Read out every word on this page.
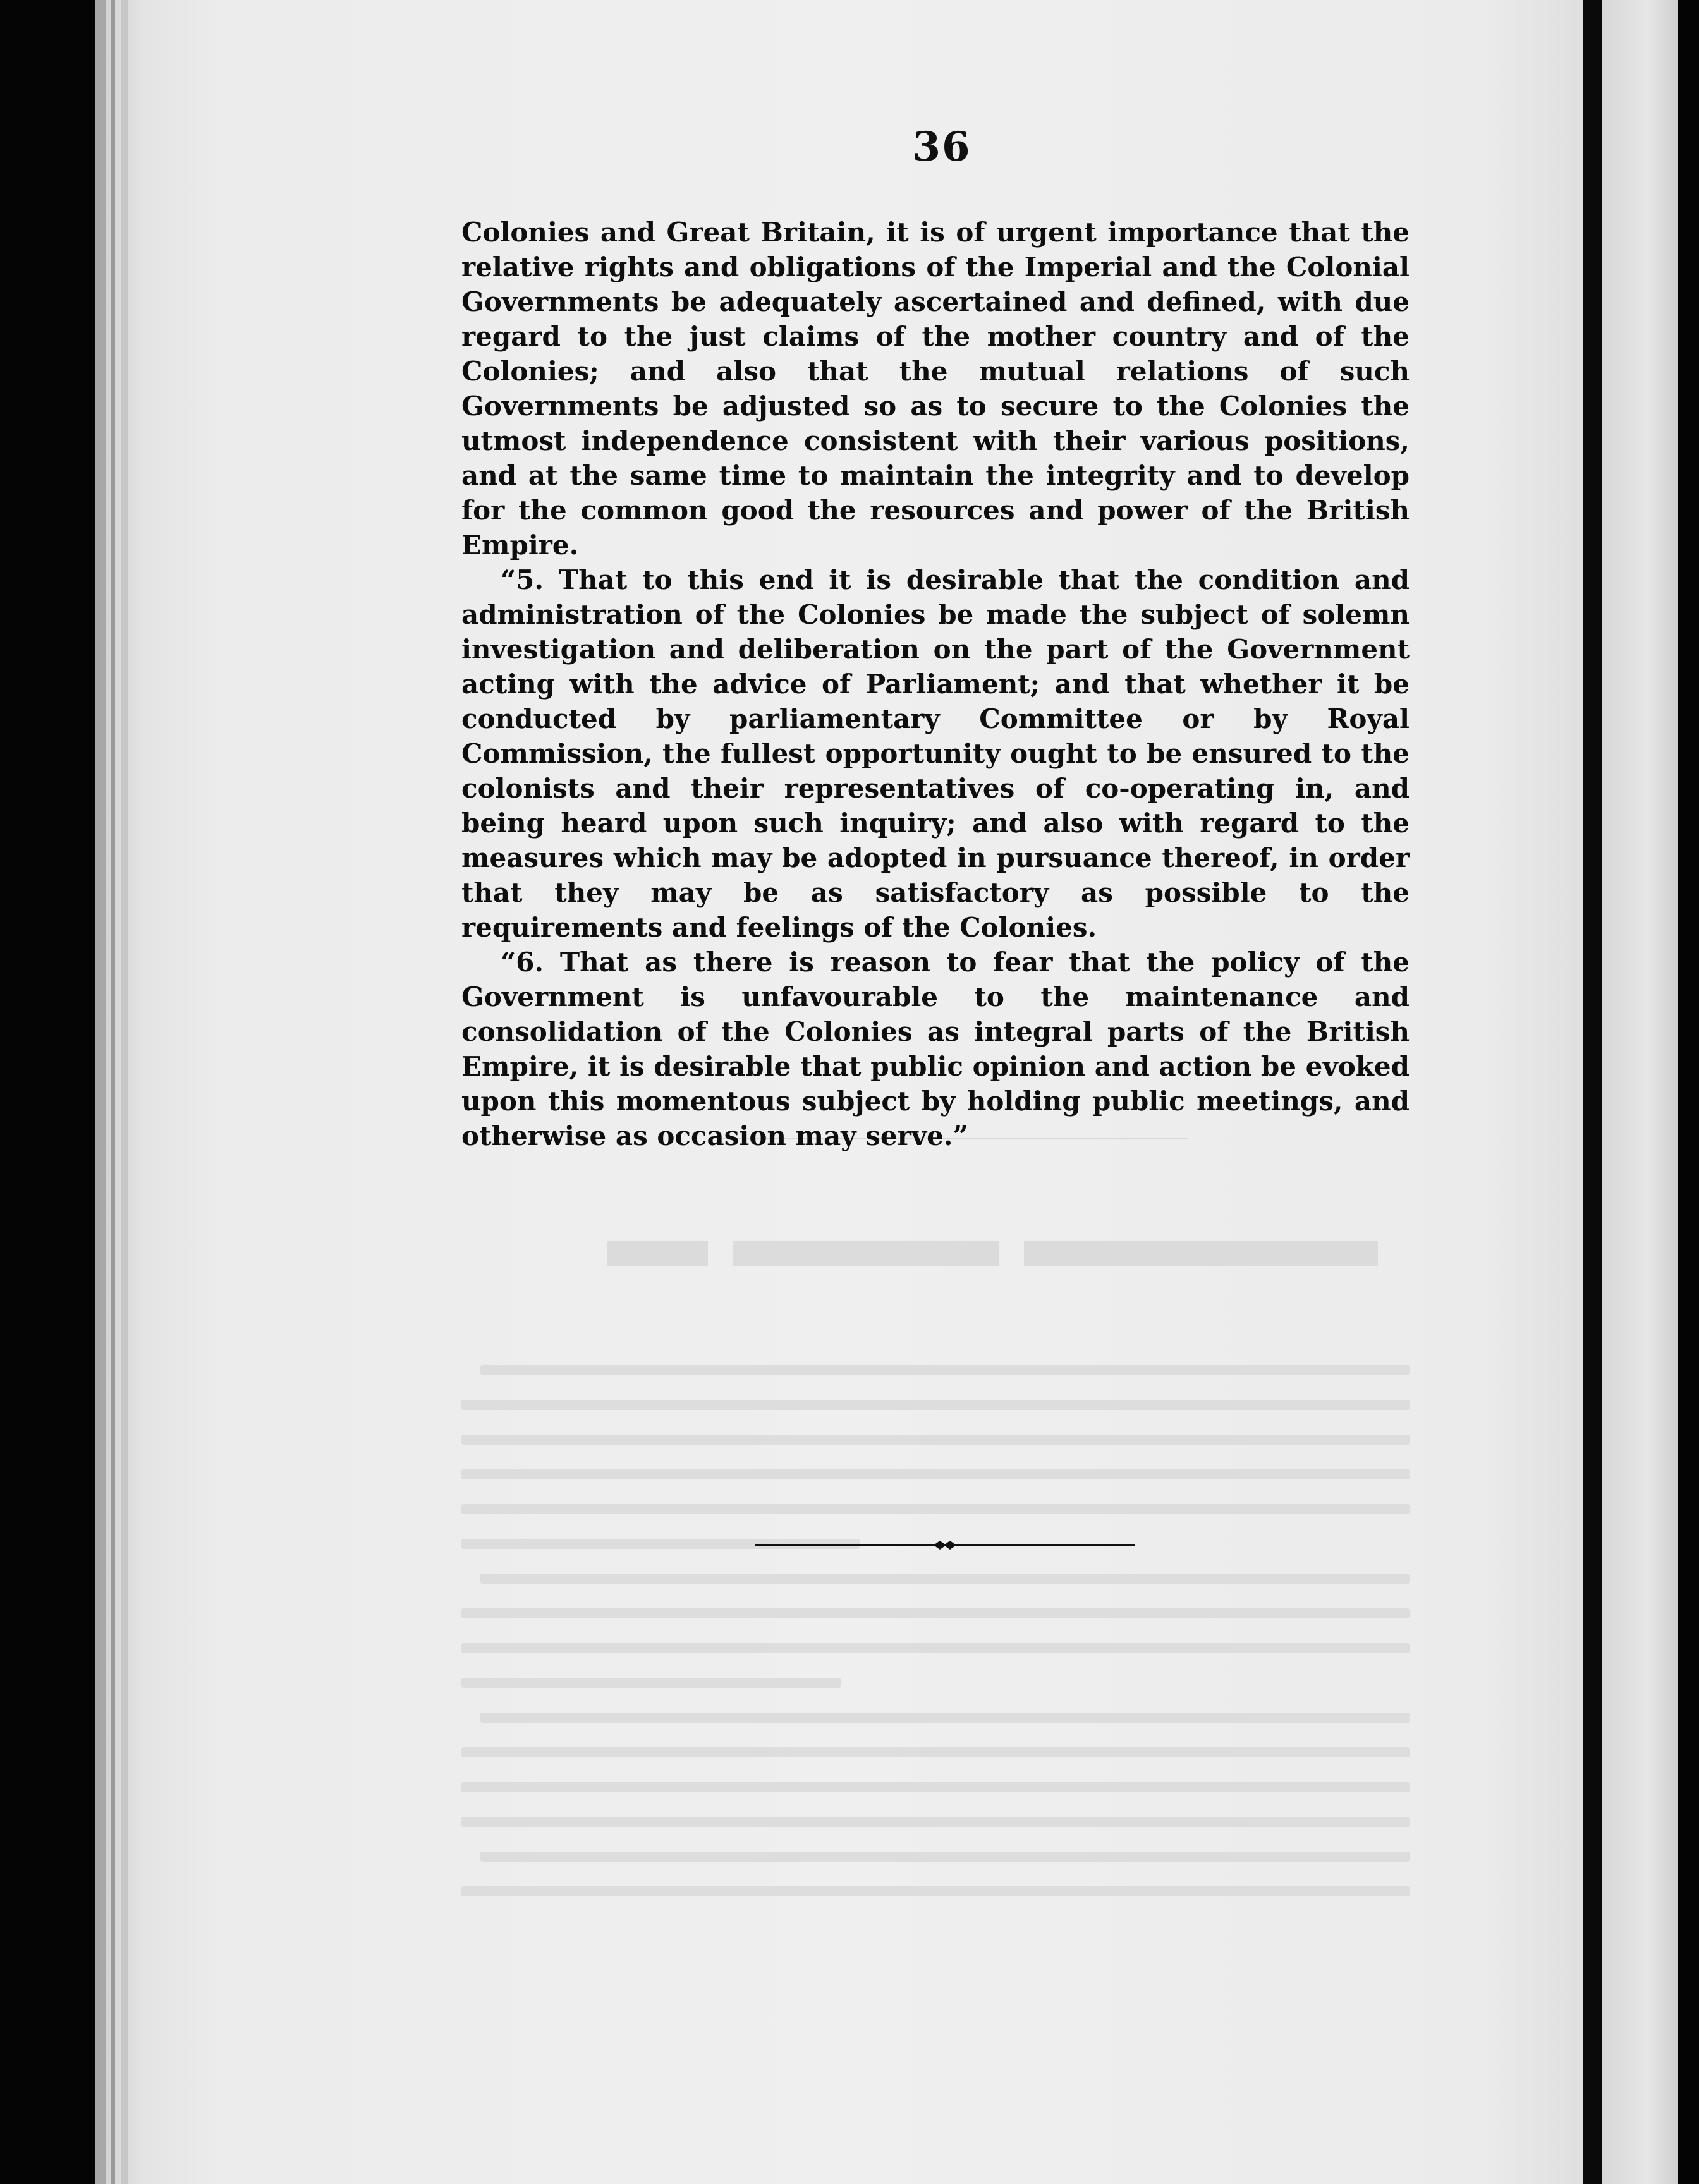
36

Colonies and Great Britain, it is of urgent importance that the relative rights and obligations of the Imperial and the Colonial Governments be adequately ascertained and defined, with due regard to the just claims of the mother country and of the Colonies; and also that the mutual relations of such Governments be adjusted so as to secure to the Colonies the utmost independence consistent with their various positions, and at the same time to maintain the integrity and to develop for the common good the resources and power of the British Empire.

“5. That to this end it is desirable that the condition and administration of the Colonies be made the subject of solemn investigation and deliberation on the part of the Government acting with the advice of Parliament; and that whether it be conducted by parliamentary Committee or by Royal Commission, the fullest opportunity ought to be ensured to the colonists and their representatives of co-operating in, and being heard upon such inquiry; and also with regard to the measures which may be adopted in pursuance thereof, in order that they may be as satisfactory as possible to the requirements and feelings of the Colonies.

“6. That as there is reason to fear that the policy of the Government is unfavourable to the maintenance and consolidation of the Colonies as integral parts of the British Empire, it is desirable that public opinion and action be evoked upon this momentous subject by holding public meetings, and otherwise as occasion may serve.”
